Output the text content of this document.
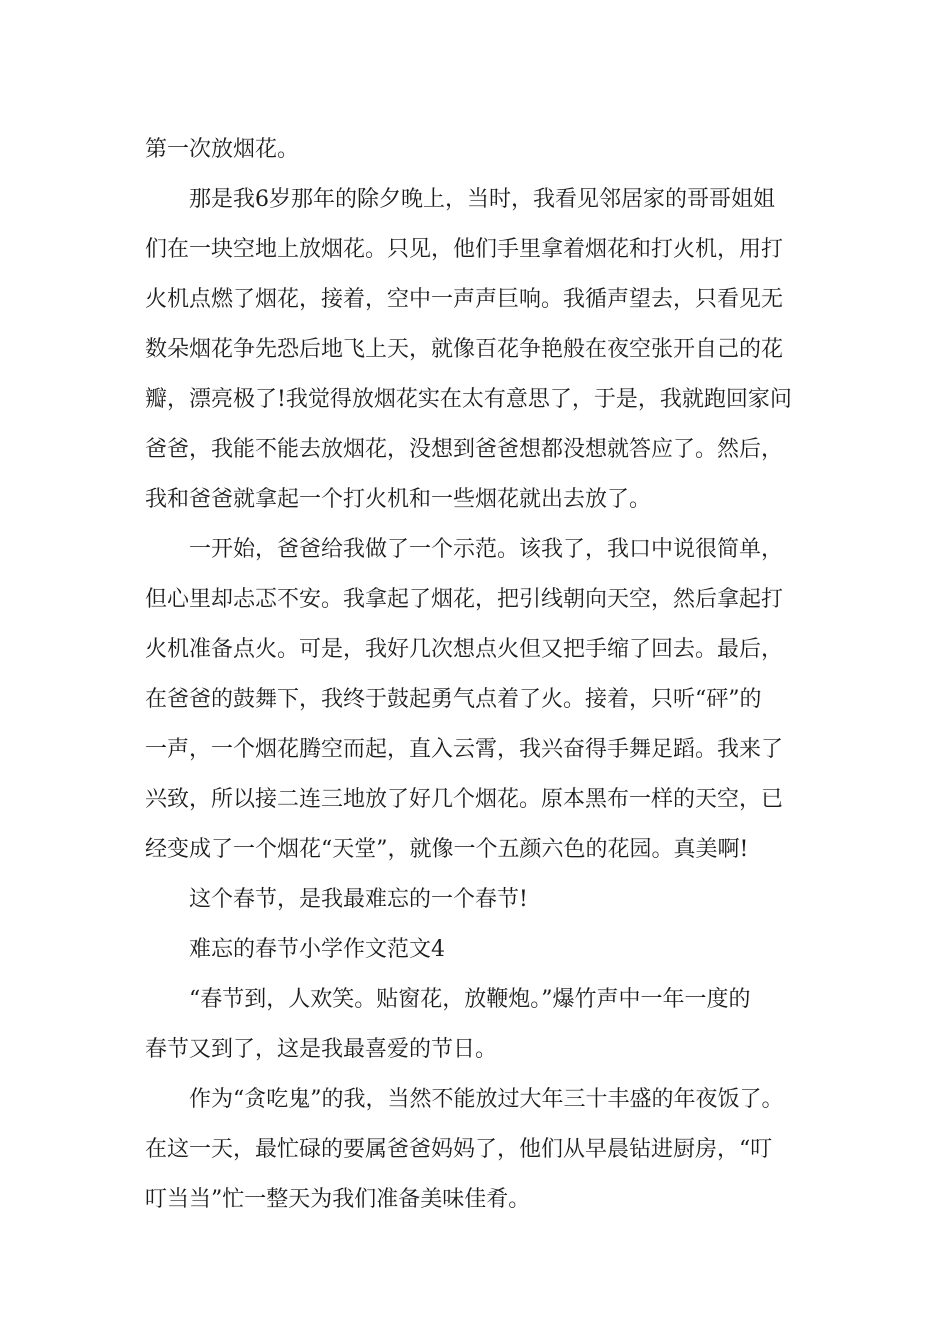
第一次放烟花。
那是我6岁那年的除夕晚上，当时，我看见邻居家的哥哥姐姐
们在一块空地上放烟花。只见，他们手里拿着烟花和打火机，用打
火机点燃了烟花，接着，空中一声声巨响。我循声望去，只看见无
数朵烟花争先恐后地飞上天，就像百花争艳般在夜空张开自己的花
瓣，漂亮极了!我觉得放烟花实在太有意思了，于是，我就跑回家问
爸爸，我能不能去放烟花，没想到爸爸想都没想就答应了。然后，
我和爸爸就拿起一个打火机和一些烟花就出去放了。
一开始，爸爸给我做了一个示范。该我了，我口中说很简单，
但心里却忐忑不安。我拿起了烟花，把引线朝向天空，然后拿起打
火机准备点火。可是，我好几次想点火但又把手缩了回去。最后，
在爸爸的鼓舞下，我终于鼓起勇气点着了火。接着，只听“砰”的
一声，一个烟花腾空而起，直入云霄，我兴奋得手舞足蹈。我来了
兴致，所以接二连三地放了好几个烟花。原本黑布一样的天空，已
经变成了一个烟花“天堂”，就像一个五颜六色的花园。真美啊!
这个春节，是我最难忘的一个春节!
难忘的春节小学作文范文4
“春节到，人欢笑。贴窗花，放鞭炮。”爆竹声中一年一度的
春节又到了，这是我最喜爱的节日。
作为“贪吃鬼”的我，当然不能放过大年三十丰盛的年夜饭了。
在这一天，最忙碌的要属爸爸妈妈了，他们从早晨钻进厨房，“叮
叮当当”忙一整天为我们准备美味佳肴。
